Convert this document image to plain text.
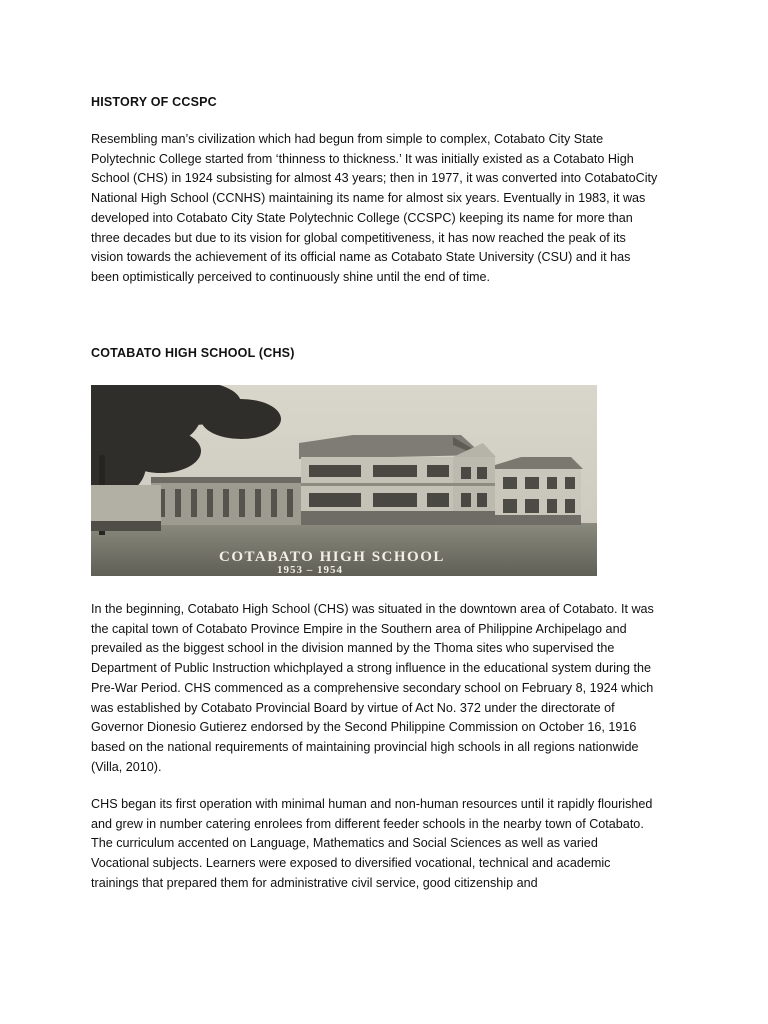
HISTORY OF CCSPC

Resembling man’s civilization which had begun from simple to complex, Cotabato City State Polytechnic College started from ‘thinness to thickness.’ It was initially existed as a Cotabato High School (CHS) in 1924 subsisting for almost 43 years; then in 1977, it was converted into CotabatoCity National High School (CCNHS) maintaining its name for almost six years. Eventually in 1983, it was developed into Cotabato City State Polytechnic College (CCSPC) keeping its name for more than three decades but due to its vision for global competitiveness, it has now reached the peak of its vision towards the achievement of its official name as Cotabato State University (CSU) and it has been optimistically perceived to continuously shine until the end of time.

COTABATO HIGH SCHOOL (CHS)
COTABATO HIGH SCHOOL
1953 – 1954

In the beginning, Cotabato High School (CHS) was situated in the downtown area of Cotabato. It was the capital town of Cotabato Province Empire in the Southern area of Philippine Archipelago and prevailed as the biggest school in the division manned by the Thoma sites who supervised the Department of Public Instruction whichplayed a strong influence in the educational system during the Pre-War Period. CHS commenced as a comprehensive secondary school on February 8, 1924 which was established by Cotabato Provincial Board by virtue of Act No. 372 under the directorate of Governor Dionesio Gutierez endorsed by the Second Philippine Commission on October 16, 1916 based on the national requirements of maintaining provincial high schools in all regions nationwide (Villa, 2010).

CHS began its first operation with minimal human and non-human resources until it rapidly flourished and grew in number catering enrolees from different feeder schools in the nearby town of Cotabato. The curriculum accented on Language, Mathematics and Social Sciences as well as varied Vocational subjects. Learners were exposed to diversified vocational, technical and academic trainings that prepared them for administrative civil service, good citizenship and
